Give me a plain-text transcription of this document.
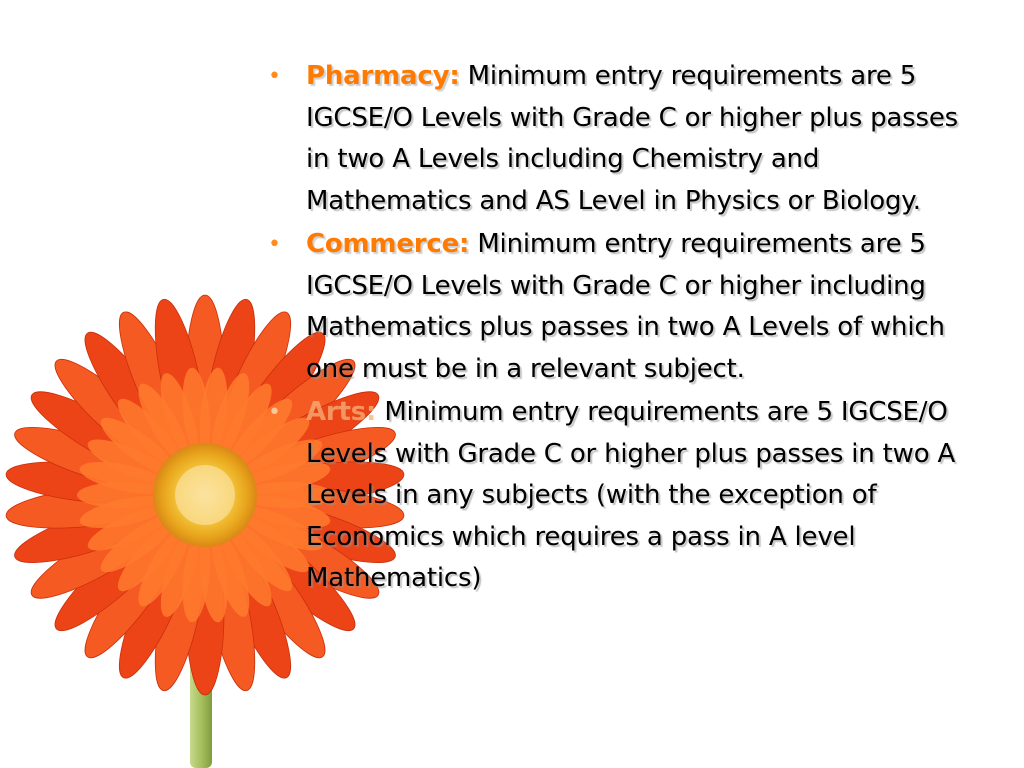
• Pharmacy: Minimum entry requirements are 5 IGCSE/O Levels with Grade C or higher plus passes in two A Levels including Chemistry and Mathematics and AS Level in Physics or Biology.
• Commerce: Minimum entry requirements are 5 IGCSE/O Levels with Grade C or higher including Mathematics plus passes in two A Levels of which one must be in a relevant subject.
• Arts: Minimum entry requirements are 5 IGCSE/O Levels with Grade C or higher plus passes in two A Levels in any subjects (with the exception of Economics which requires a pass in A level Mathematics)
